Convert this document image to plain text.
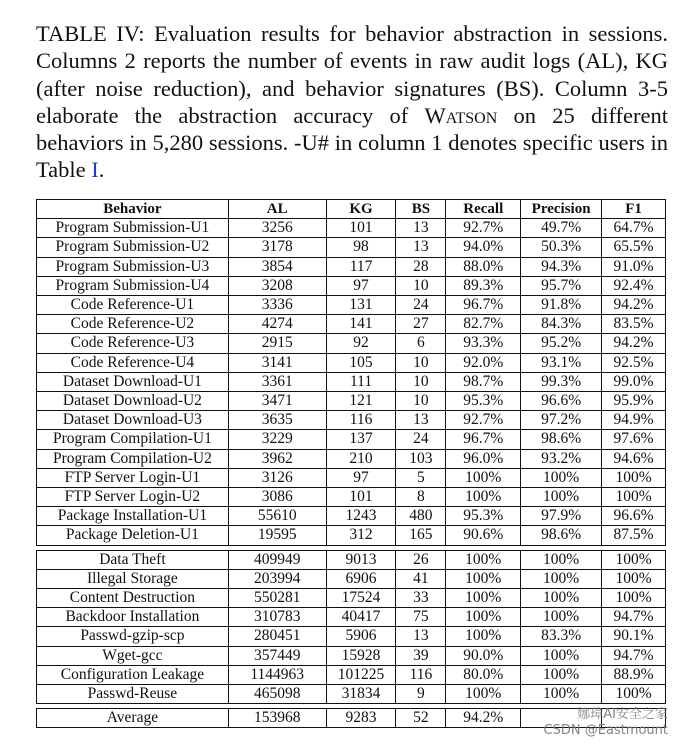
TABLE IV: Evaluation results for behavior abstraction in sessions. Columns 2 reports the number of events in raw audit logs (AL), KG (after noise reduction), and behavior signatures (BS). Column 3-5 elaborate the abstraction accuracy of Watson on 25 different behaviors in 5,280 sessions. -U# in column 1 denotes specific users in Table I.

Behavior	AL	KG	BS	Recall	Precision	F1
Program Submission-U1	3256	101	13	92.7%	49.7%	64.7%
Program Submission-U2	3178	98	13	94.0%	50.3%	65.5%
Program Submission-U3	3854	117	28	88.0%	94.3%	91.0%
Program Submission-U4	3208	97	10	89.3%	95.7%	92.4%
Code Reference-U1	3336	131	24	96.7%	91.8%	94.2%
Code Reference-U2	4274	141	27	82.7%	84.3%	83.5%
Code Reference-U3	2915	92	6	93.3%	95.2%	94.2%
Code Reference-U4	3141	105	10	92.0%	93.1%	92.5%
Dataset Download-U1	3361	111	10	98.7%	99.3%	99.0%
Dataset Download-U2	3471	121	10	95.3%	96.6%	95.9%
Dataset Download-U3	3635	116	13	92.7%	97.2%	94.9%
Program Compilation-U1	3229	137	24	96.7%	98.6%	97.6%
Program Compilation-U2	3962	210	103	96.0%	93.2%	94.6%
FTP Server Login-U1	3126	97	5	100%	100%	100%
FTP Server Login-U2	3086	101	8	100%	100%	100%
Package Installation-U1	55610	1243	480	95.3%	97.9%	96.6%
Package Deletion-U1	19595	312	165	90.6%	98.6%	87.5%

Data Theft	409949	9013	26	100%	100%	100%
Illegal Storage	203994	6906	41	100%	100%	100%
Content Destruction	550281	17524	33	100%	100%	100%
Backdoor Installation	310783	40417	75	100%	100%	94.7%
Passwd-gzip-scp	280451	5906	13	100%	83.3%	90.1%
Wget-gcc	357449	15928	39	90.0%	100%	94.7%
Configuration Leakage	1144963	101225	116	80.0%	100%	88.9%
Passwd-Reuse	465098	31834	9	100%	100%	100%

Average	153968	9283	52	94.2%			娜璋AI安全之家
CSDN @Eastmount
